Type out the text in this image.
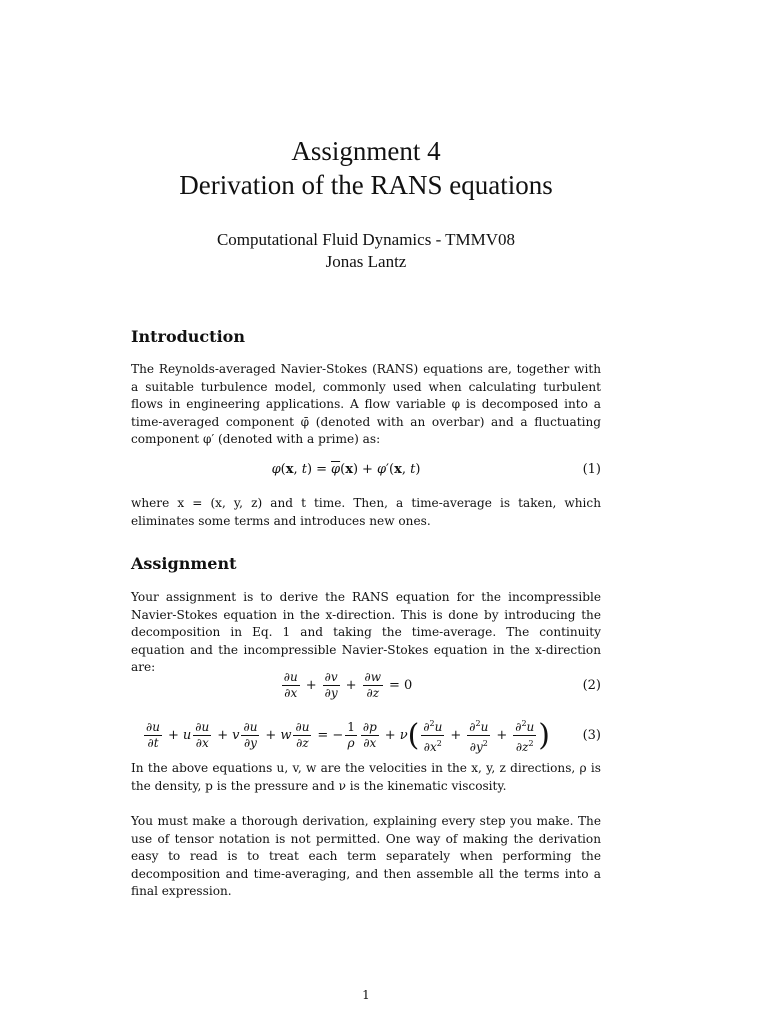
Assignment 4
Derivation of the RANS equations
Computational Fluid Dynamics - TMMV08
Jonas Lantz
Introduction
The Reynolds-averaged Navier-Stokes (RANS) equations are, together with a suitable turbulence model, commonly used when calculating turbulent flows in engineering applications. A flow variable φ is decomposed into a time-averaged component φ̄ (denoted with an overbar) and a fluctuating component φ′ (denoted with a prime) as:
φ ( x , t ) = $\overline{\varphi}$ ( x ) + φ ′( x , t )	(1)
where x = (x, y, z) and t time. Then, a time-average is taken, which eliminates some terms and introduces new ones.
Assignment
Your assignment is to derive the RANS equation for the incompressible Navier-Stokes equation in the x-direction. This is done by introducing the decomposition in Eq. 1 and taking the time-average. The continuity equation and the incompressible Navier-Stokes equation in the x-direction are:
$\frac{\partial u}{\partial x} + \frac{\partial v}{\partial y} + \frac{\partial w}{\partial z} = 0$	(2)
$\frac{\partial u}{\partial t} + u \frac{\partial u}{\partial x} + v \frac{\partial u}{\partial y} + w \frac{\partial u}{\partial z}$ = − $\frac{1}{\rho} \frac{\partial p}{\partial x} + \nu$ ( $\frac{\partial^2u}{\partial x^2} + \frac{\partial^2u}{\partial y^2} + \frac{\partial^2u}{\partial z^2}$ )	(3)
In the above equations u, v, w are the velocities in the x, y, z directions, ρ is the density, p is the pressure and ν is the kinematic viscosity.
You must make a thorough derivation, explaining every step you make. The use of tensor notation is not permitted. One way of making the derivation easy to read is to treat each term separately when performing the decomposition and time-averaging, and then assemble all the terms into a final expression.
1
